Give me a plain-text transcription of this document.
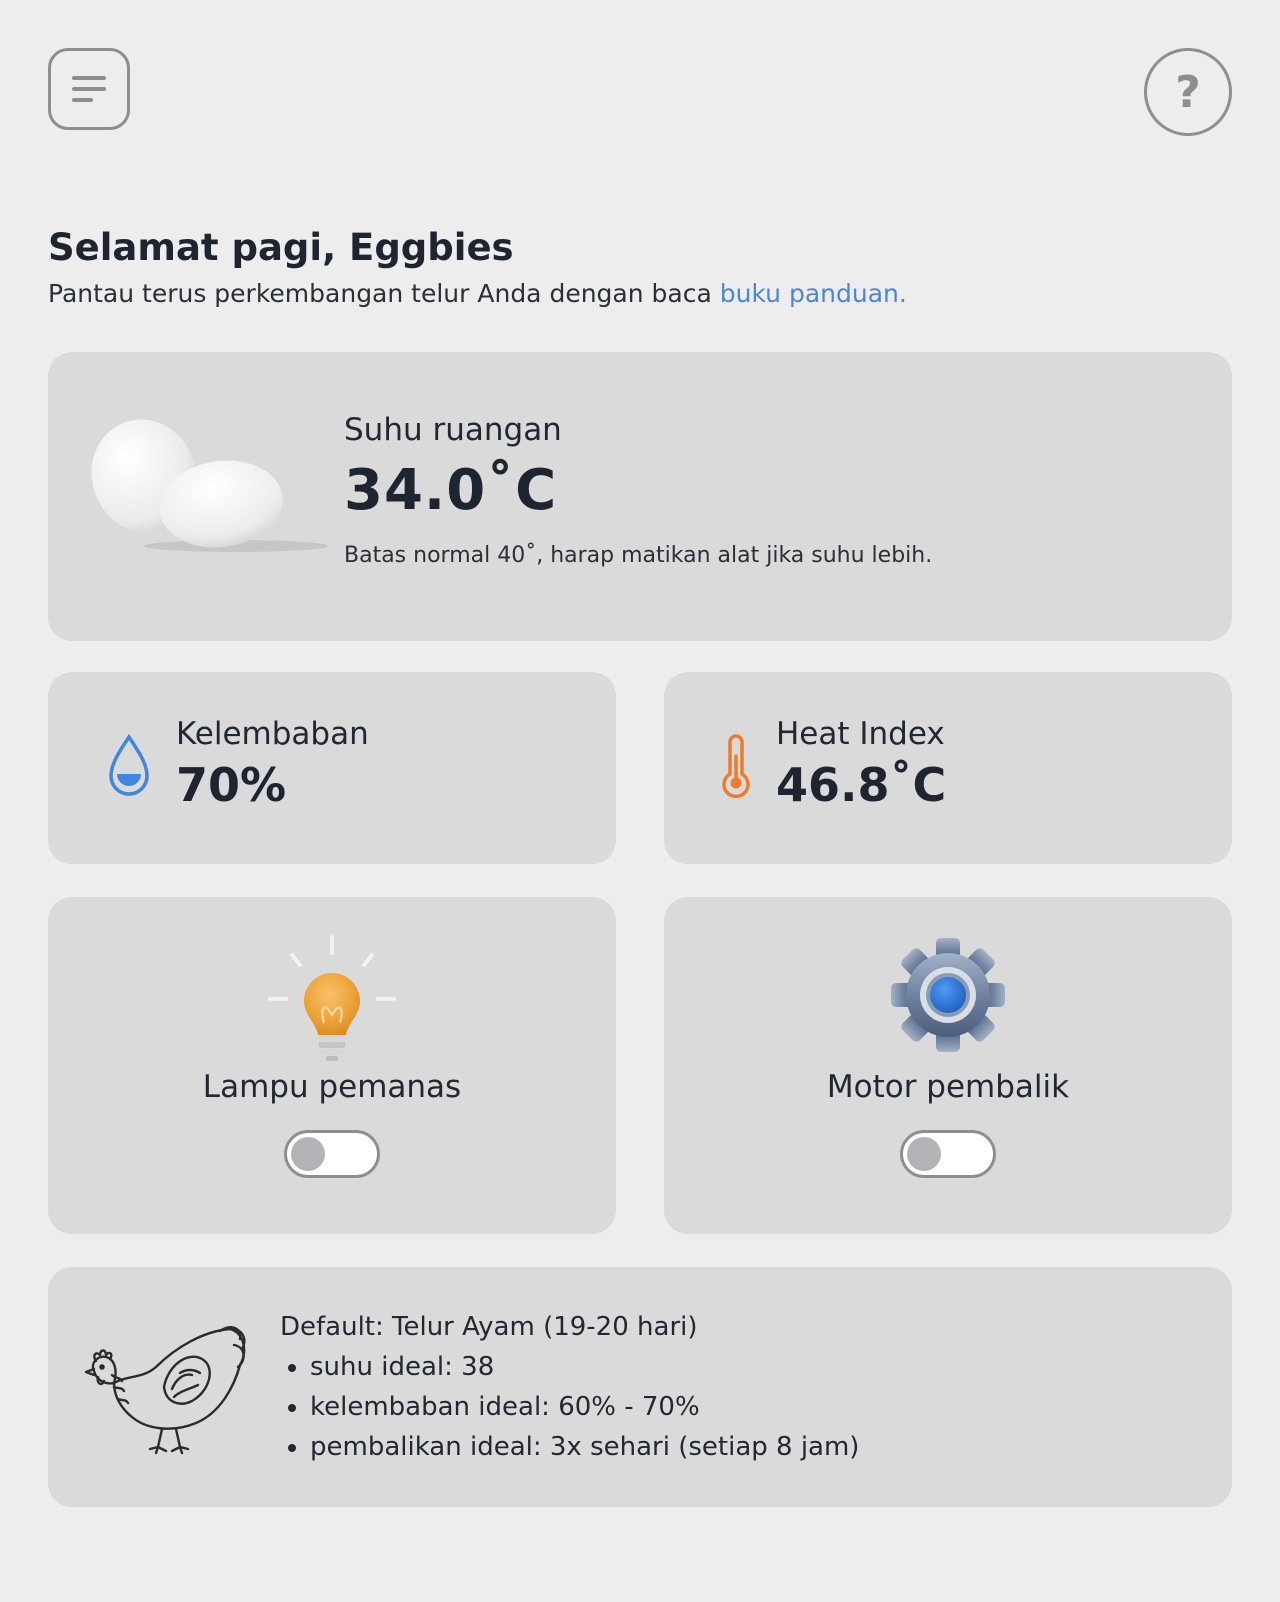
?
Selamat pagi, Eggbies

Pantau terus perkembangan telur Anda dengan baca buku panduan.

Suhu ruangan
34.0˚C
Batas normal 40˚, harap matikan alat jika suhu lebih.
Kelembaban
70%
Heat Index
46.8˚C
Lampu pemanas	Motor pembalik
Default: Telur Ayam (19-20 hari)
• suhu ideal: 38
• kelembaban ideal: 60% - 70%
• pembalikan ideal: 3x sehari (setiap 8 jam)
